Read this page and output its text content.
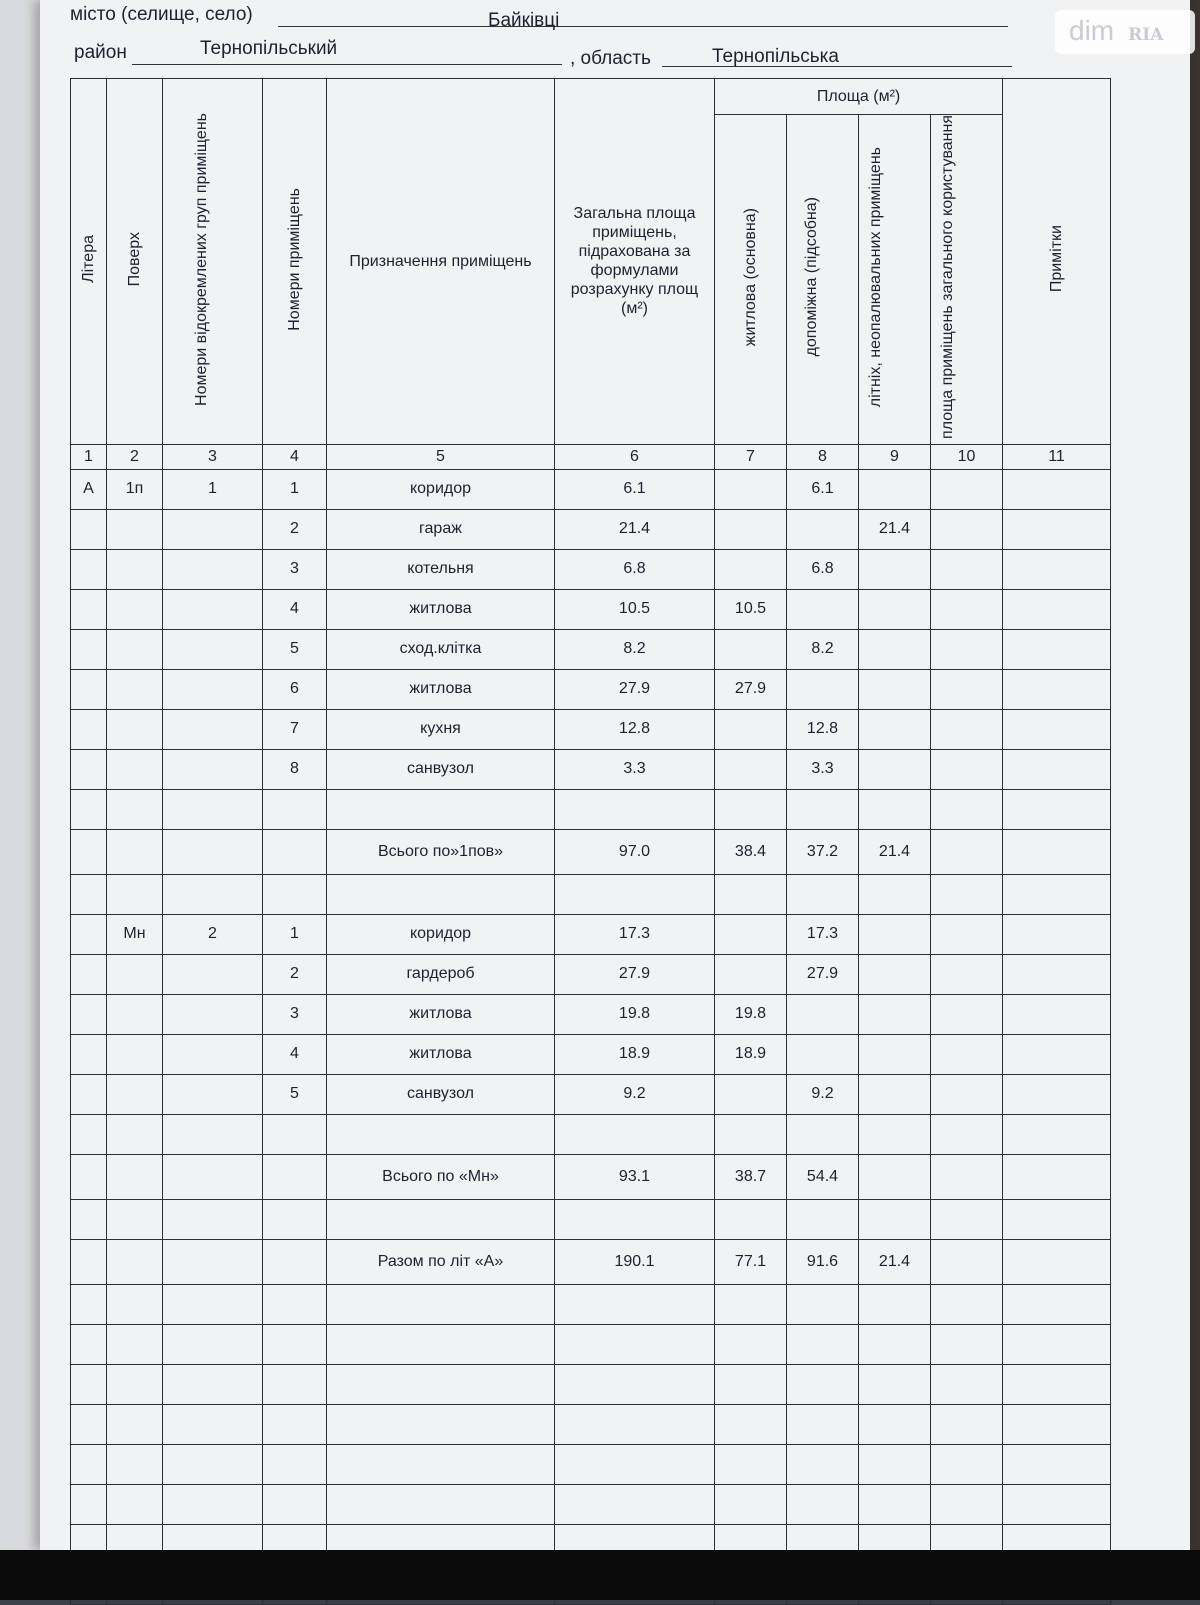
місто (селище, село)	Байківці
район	Тернопільський	, область	Тернопільська
dim RIA
Літера	Поверх	Номери відокремлених груп приміщень	Номери приміщень	Призначення приміщень	Загальна площа приміщень, підрахована за формулами розрахунку площ (м²)	Площа (м²)				Примітки
						житлова (основна)	допоміжна (підсобна)	літніх, неопалювальних приміщень	площа приміщень загального користування	
1	2	3	4	5	6	7	8	9	10	11
А	1п	1	1	коридор	6.1		6.1			
			2	гараж	21.4			21.4		
			3	котельня	6.8		6.8			
			4	житлова	10.5	10.5				
			5	сход.клітка	8.2		8.2			
			6	житлова	27.9	27.9				
			7	кухня	12.8		12.8			
			8	санвузол	3.3		3.3			

				Всього по»1пов»	97.0	38.4	37.2	21.4		

	Мн	2	1	коридор	17.3		17.3			
			2	гардероб	27.9		27.9			
			3	житлова	19.8	19.8				
			4	житлова	18.9	18.9				
			5	санвузол	9.2		9.2			

				Всього по «Мн»	93.1	38.7	54.4			

				Разом по літ «А»	190.1	77.1	91.6	21.4		
